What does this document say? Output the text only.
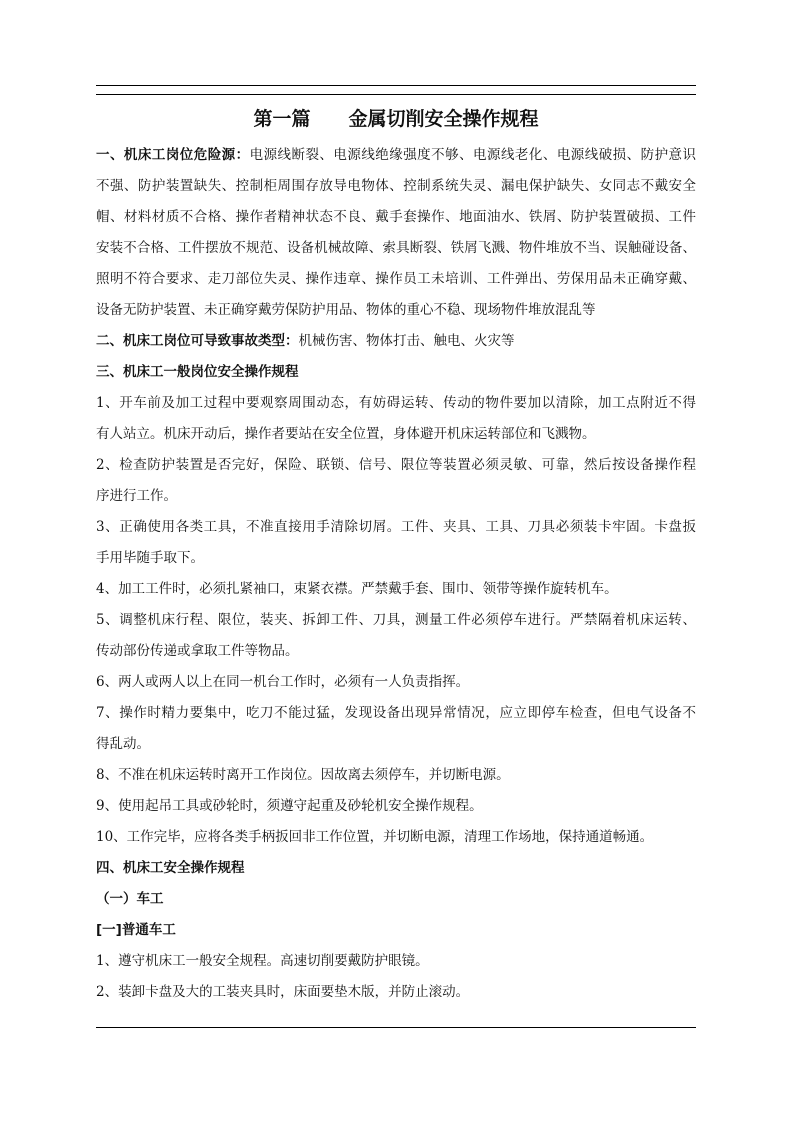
第一篇　　金属切削安全操作规程
一、机床工岗位危险源：电源线断裂、电源线绝缘强度不够、电源线老化、电源线破损、防护意识
不强、防护装置缺失、控制柜周围存放导电物体、控制系统失灵、漏电保护缺失、女同志不戴安全
帽、材料材质不合格、操作者精神状态不良、戴手套操作、地面油水、铁屑、防护装置破损、工件
安装不合格、工件摆放不规范、设备机械故障、索具断裂、铁屑飞溅、物件堆放不当、误触碰设备、
照明不符合要求、走刀部位失灵、操作违章、操作员工未培训、工件弹出、劳保用品未正确穿戴、
设备无防护装置、未正确穿戴劳保防护用品、物体的重心不稳、现场物件堆放混乱等
二、机床工岗位可导致事故类型：机械伤害、物体打击、触电、火灾等
三、机床工一般岗位安全操作规程
1、开车前及加工过程中要观察周围动态，有妨碍运转、传动的物件要加以清除，加工点附近不得
有人站立。机床开动后，操作者要站在安全位置，身体避开机床运转部位和飞溅物。
2、检查防护装置是否完好，保险、联锁、信号、限位等装置必须灵敏、可靠，然后按设备操作程
序进行工作。
3、正确使用各类工具，不准直接用手清除切屑。工件、夹具、工具、刀具必须装卡牢固。卡盘扳
手用毕随手取下。
4、加工工件时，必须扎紧袖口，束紧衣襟。严禁戴手套、围巾、领带等操作旋转机车。
5、调整机床行程、限位，装夹、拆卸工件、刀具，测量工件必须停车进行。严禁隔着机床运转、
传动部份传递或拿取工件等物品。
6、两人或两人以上在同一机台工作时，必须有一人负责指挥。
7、操作时精力要集中，吃刀不能过猛，发现设备出现异常情况，应立即停车检查，但电气设备不
得乱动。
8、不准在机床运转时离开工作岗位。因故离去须停车，并切断电源。
9、使用起吊工具或砂轮时，须遵守起重及砂轮机安全操作规程。
10、工作完毕，应将各类手柄扳回非工作位置，并切断电源，清理工作场地，保持通道畅通。
四、机床工安全操作规程
（一）车工
[一]普通车工
1、遵守机床工一般安全规程。高速切削要戴防护眼镜。
2、装卸卡盘及大的工装夹具时，床面要垫木版，并防止滚动。
